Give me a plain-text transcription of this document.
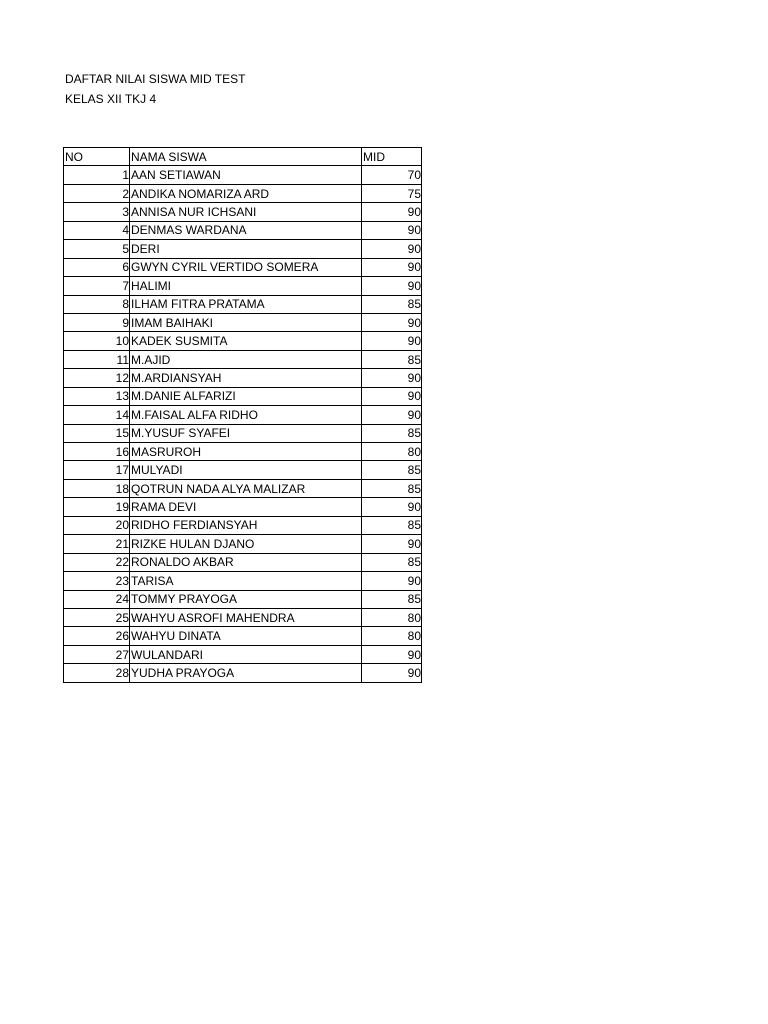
DAFTAR NILAI SISWA MID TEST
KELAS XII TKJ 4
NO	NAMA SISWA	MID
1	AAN SETIAWAN	70
2	ANDIKA NOMARIZA ARD	75
3	ANNISA NUR ICHSANI	90
4	DENMAS WARDANA	90
5	DERI	90
6	GWYN CYRIL VERTIDO SOMERA	90
7	HALIMI	90
8	ILHAM FITRA PRATAMA	85
9	IMAM BAIHAKI	90
10	KADEK SUSMITA	90
11	M.AJID	85
12	M.ARDIANSYAH	90
13	M.DANIE ALFARIZI	90
14	M.FAISAL ALFA RIDHO	90
15	M.YUSUF SYAFEI	85
16	MASRUROH	80
17	MULYADI	85
18	QOTRUN NADA ALYA MALIZAR	85
19	RAMA DEVI	90
20	RIDHO FERDIANSYAH	85
21	RIZKE HULAN DJANO	90
22	RONALDO AKBAR	85
23	TARISA	90
24	TOMMY PRAYOGA	85
25	WAHYU ASROFI MAHENDRA	80
26	WAHYU DINATA	80
27	WULANDARI	90
28	YUDHA PRAYOGA	90
